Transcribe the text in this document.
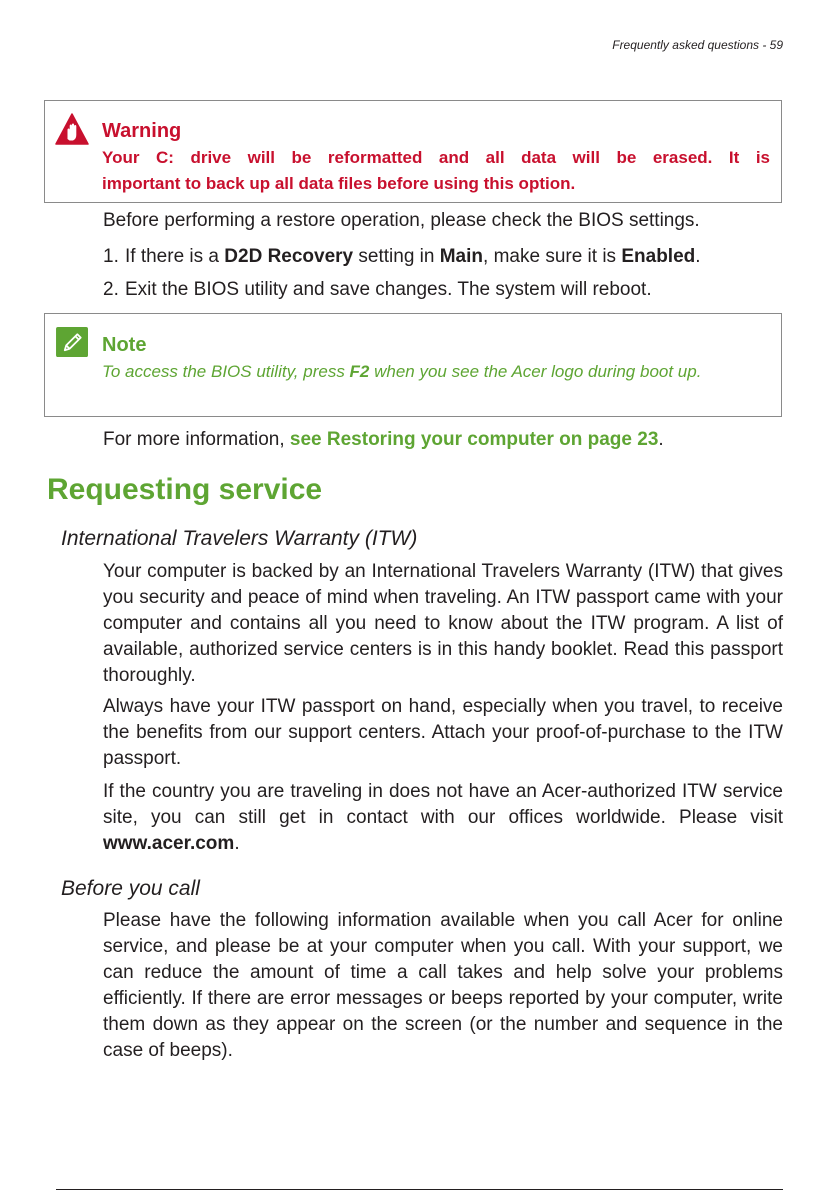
Frequently asked questions - 59
Warning
Your C: drive will be reformatted and all data will be erased. It is
important to back up all data files before using this option.
Before performing a restore operation, please check the BIOS settings.
1. If there is a D2D Recovery setting in Main, make sure it is Enabled.
2. Exit the BIOS utility and save changes. The system will reboot.
Note
To access the BIOS utility, press F2 when you see the Acer logo during boot up.
For more information, see Restoring your computer on page 23.
Requesting service
International Travelers Warranty (ITW)
Your computer is backed by an International Travelers Warranty (ITW) that gives you security and peace of mind when traveling. An ITW passport came with your computer and contains all you need to know about the ITW program. A list of available, authorized service centers is in this handy booklet. Read this passport thoroughly.
Always have your ITW passport on hand, especially when you travel, to receive the benefits from our support centers. Attach your proof-of-purchase to the ITW passport.
If the country you are traveling in does not have an Acer-authorized ITW service site, you can still get in contact with our offices worldwide. Please visit www.acer.com.
Before you call
Please have the following information available when you call Acer for online service, and please be at your computer when you call. With your support, we can reduce the amount of time a call takes and help solve your problems efficiently. If there are error messages or beeps reported by your computer, write them down as they appear on the screen (or the number and sequence in the case of beeps).
